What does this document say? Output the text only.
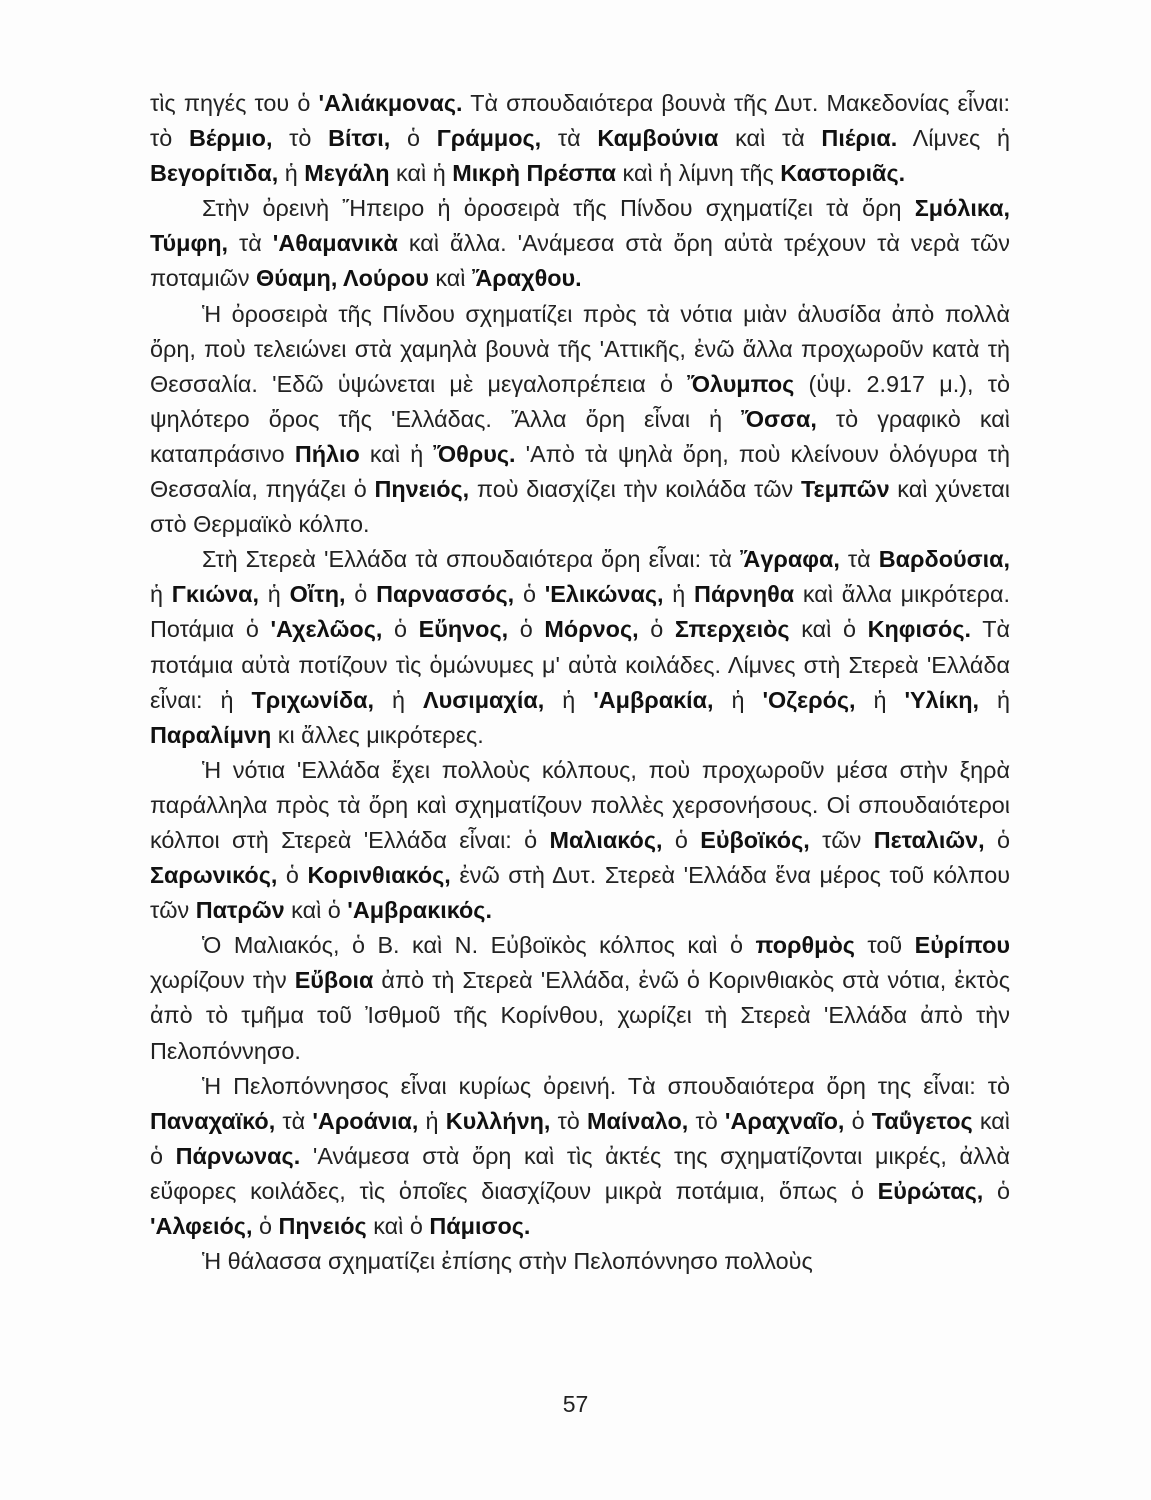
τὶς πηγές του ὁ 'Αλιάκμονας. Τὰ σπουδαιότερα βουνὰ τῆς Δυτ. Μακεδονίας εἶναι: τὸ Βέρμιο, τὸ Βίτσι, ὁ Γράμμος, τὰ Καμβούνια καὶ τὰ Πιέρια. Λίμνες ἡ Βεγορίτιδα, ἡ Μεγάλη καὶ ἡ Μικρὴ Πρέσπα καὶ ἡ λίμνη τῆς Καστοριᾶς.

Στὴν ὀρεινὴ Ἤπειρο ἡ ὀροσειρὰ τῆς Πίνδου σχηματίζει τὰ ὄρη Σμόλικα, Τύμφη, τὰ 'Αθαμανικὰ καὶ ἄλλα. 'Ανάμεσα στὰ ὄρη αὐτὰ τρέχουν τὰ νερὰ τῶν ποταμιῶν Θύαμη, Λούρου καὶ Ἄραχθου.

Ἡ ὀροσειρὰ τῆς Πίνδου σχηματίζει πρὸς τὰ νότια μιὰν ἁλυσίδα ἀπὸ πολλὰ ὄρη, ποὺ τελειώνει στὰ χαμηλὰ βουνὰ τῆς 'Αττικῆς, ἐνῶ ἄλλα προχωροῦν κατὰ τὴ Θεσσαλία. 'Εδῶ ὑψώνεται μὲ μεγαλοπρέπεια ὁ Ὄλυμπος (ὑψ. 2.917 μ.), τὸ ψηλότερο ὄρος τῆς 'Ελλάδας. Ἄλλα ὄρη εἶναι ἡ Ὄσσα, τὸ γραφικὸ καὶ καταπράσινο Πήλιο καὶ ἡ Ὄθρυς. 'Απὸ τὰ ψηλὰ ὄρη, ποὺ κλείνουν ὁλόγυρα τὴ Θεσσαλία, πηγάζει ὁ Πηνειός, ποὺ διασχίζει τὴν κοιλάδα τῶν Τεμπῶν καὶ χύνεται στὸ Θερμαϊκὸ κόλπο.

Στὴ Στερεὰ 'Ελλάδα τὰ σπουδαιότερα ὄρη εἶναι: τὰ Ἄγραφα, τὰ Βαρδούσια, ἡ Γκιώνα, ἡ Οἴτη, ὁ Παρνασσός, ὁ 'Ελικώνας, ἡ Πάρνηθα καὶ ἄλλα μικρότερα. Ποτάμια ὁ 'Αχελῶος, ὁ Εὔηνος, ὁ Μόρνος, ὁ Σπερχειὸς καὶ ὁ Κηφισός. Τὰ ποτάμια αὐτὰ ποτίζουν τὶς ὁμώνυμες μ' αὐτὰ κοιλάδες. Λίμνες στὴ Στερεὰ 'Ελλάδα εἶναι: ἡ Τριχωνίδα, ἡ Λυσιμαχία, ἡ 'Αμβρακία, ἡ 'Οζερός, ἡ 'Υλίκη, ἡ Παραλίμνη κι ἄλλες μικρότερες.

Ἡ νότια 'Ελλάδα ἔχει πολλοὺς κόλπους, ποὺ προχωροῦν μέσα στὴν ξηρὰ παράλληλα πρὸς τὰ ὄρη καὶ σχηματίζουν πολλὲς χερσονήσους. Οἱ σπουδαιότεροι κόλποι στὴ Στερεὰ 'Ελλάδα εἶναι: ὁ Μαλιακός, ὁ Εὐβοϊκός, τῶν Πεταλιῶν, ὁ Σαρωνικός, ὁ Κορινθιακός, ἐνῶ στὴ Δυτ. Στερεὰ 'Ελλάδα ἕνα μέρος τοῦ κόλπου τῶν Πατρῶν καὶ ὁ 'Αμβρακικός.

Ὁ Μαλιακός, ὁ Β. καὶ Ν. Εὐβοϊκὸς κόλπος καὶ ὁ πορθμὸς τοῦ Εὐρίπου χωρίζουν τὴν Εὔβοια ἀπὸ τὴ Στερεὰ 'Ελλάδα, ἐνῶ ὁ Κορινθιακὸς στὰ νότια, ἐκτὸς ἀπὸ τὸ τμῆμα τοῦ Ἰσθμοῦ τῆς Κορίνθου, χωρίζει τὴ Στερεὰ 'Ελλάδα ἀπὸ τὴν Πελοπόννησο.

Ἡ Πελοπόννησος εἶναι κυρίως ὀρεινή. Τὰ σπουδαιότερα ὄρη της εἶναι: τὸ Παναχαϊκό, τὰ 'Αροάνια, ἡ Κυλλήνη, τὸ Μαίναλο, τὸ 'Αραχναῖο, ὁ Ταΰγετος καὶ ὁ Πάρνωνας. 'Ανάμεσα στὰ ὄρη καὶ τὶς ἀκτές της σχηματίζονται μικρές, ἀλλὰ εὔφορες κοιλάδες, τὶς ὁποῖες διασχίζουν μικρὰ ποτάμια, ὅπως ὁ Εὐρώτας, ὁ 'Αλφειός, ὁ Πηνειός καὶ ὁ Πάμισος.

Ἡ θάλασσα σχηματίζει ἐπίσης στὴν Πελοπόννησο πολλοὺς

57
